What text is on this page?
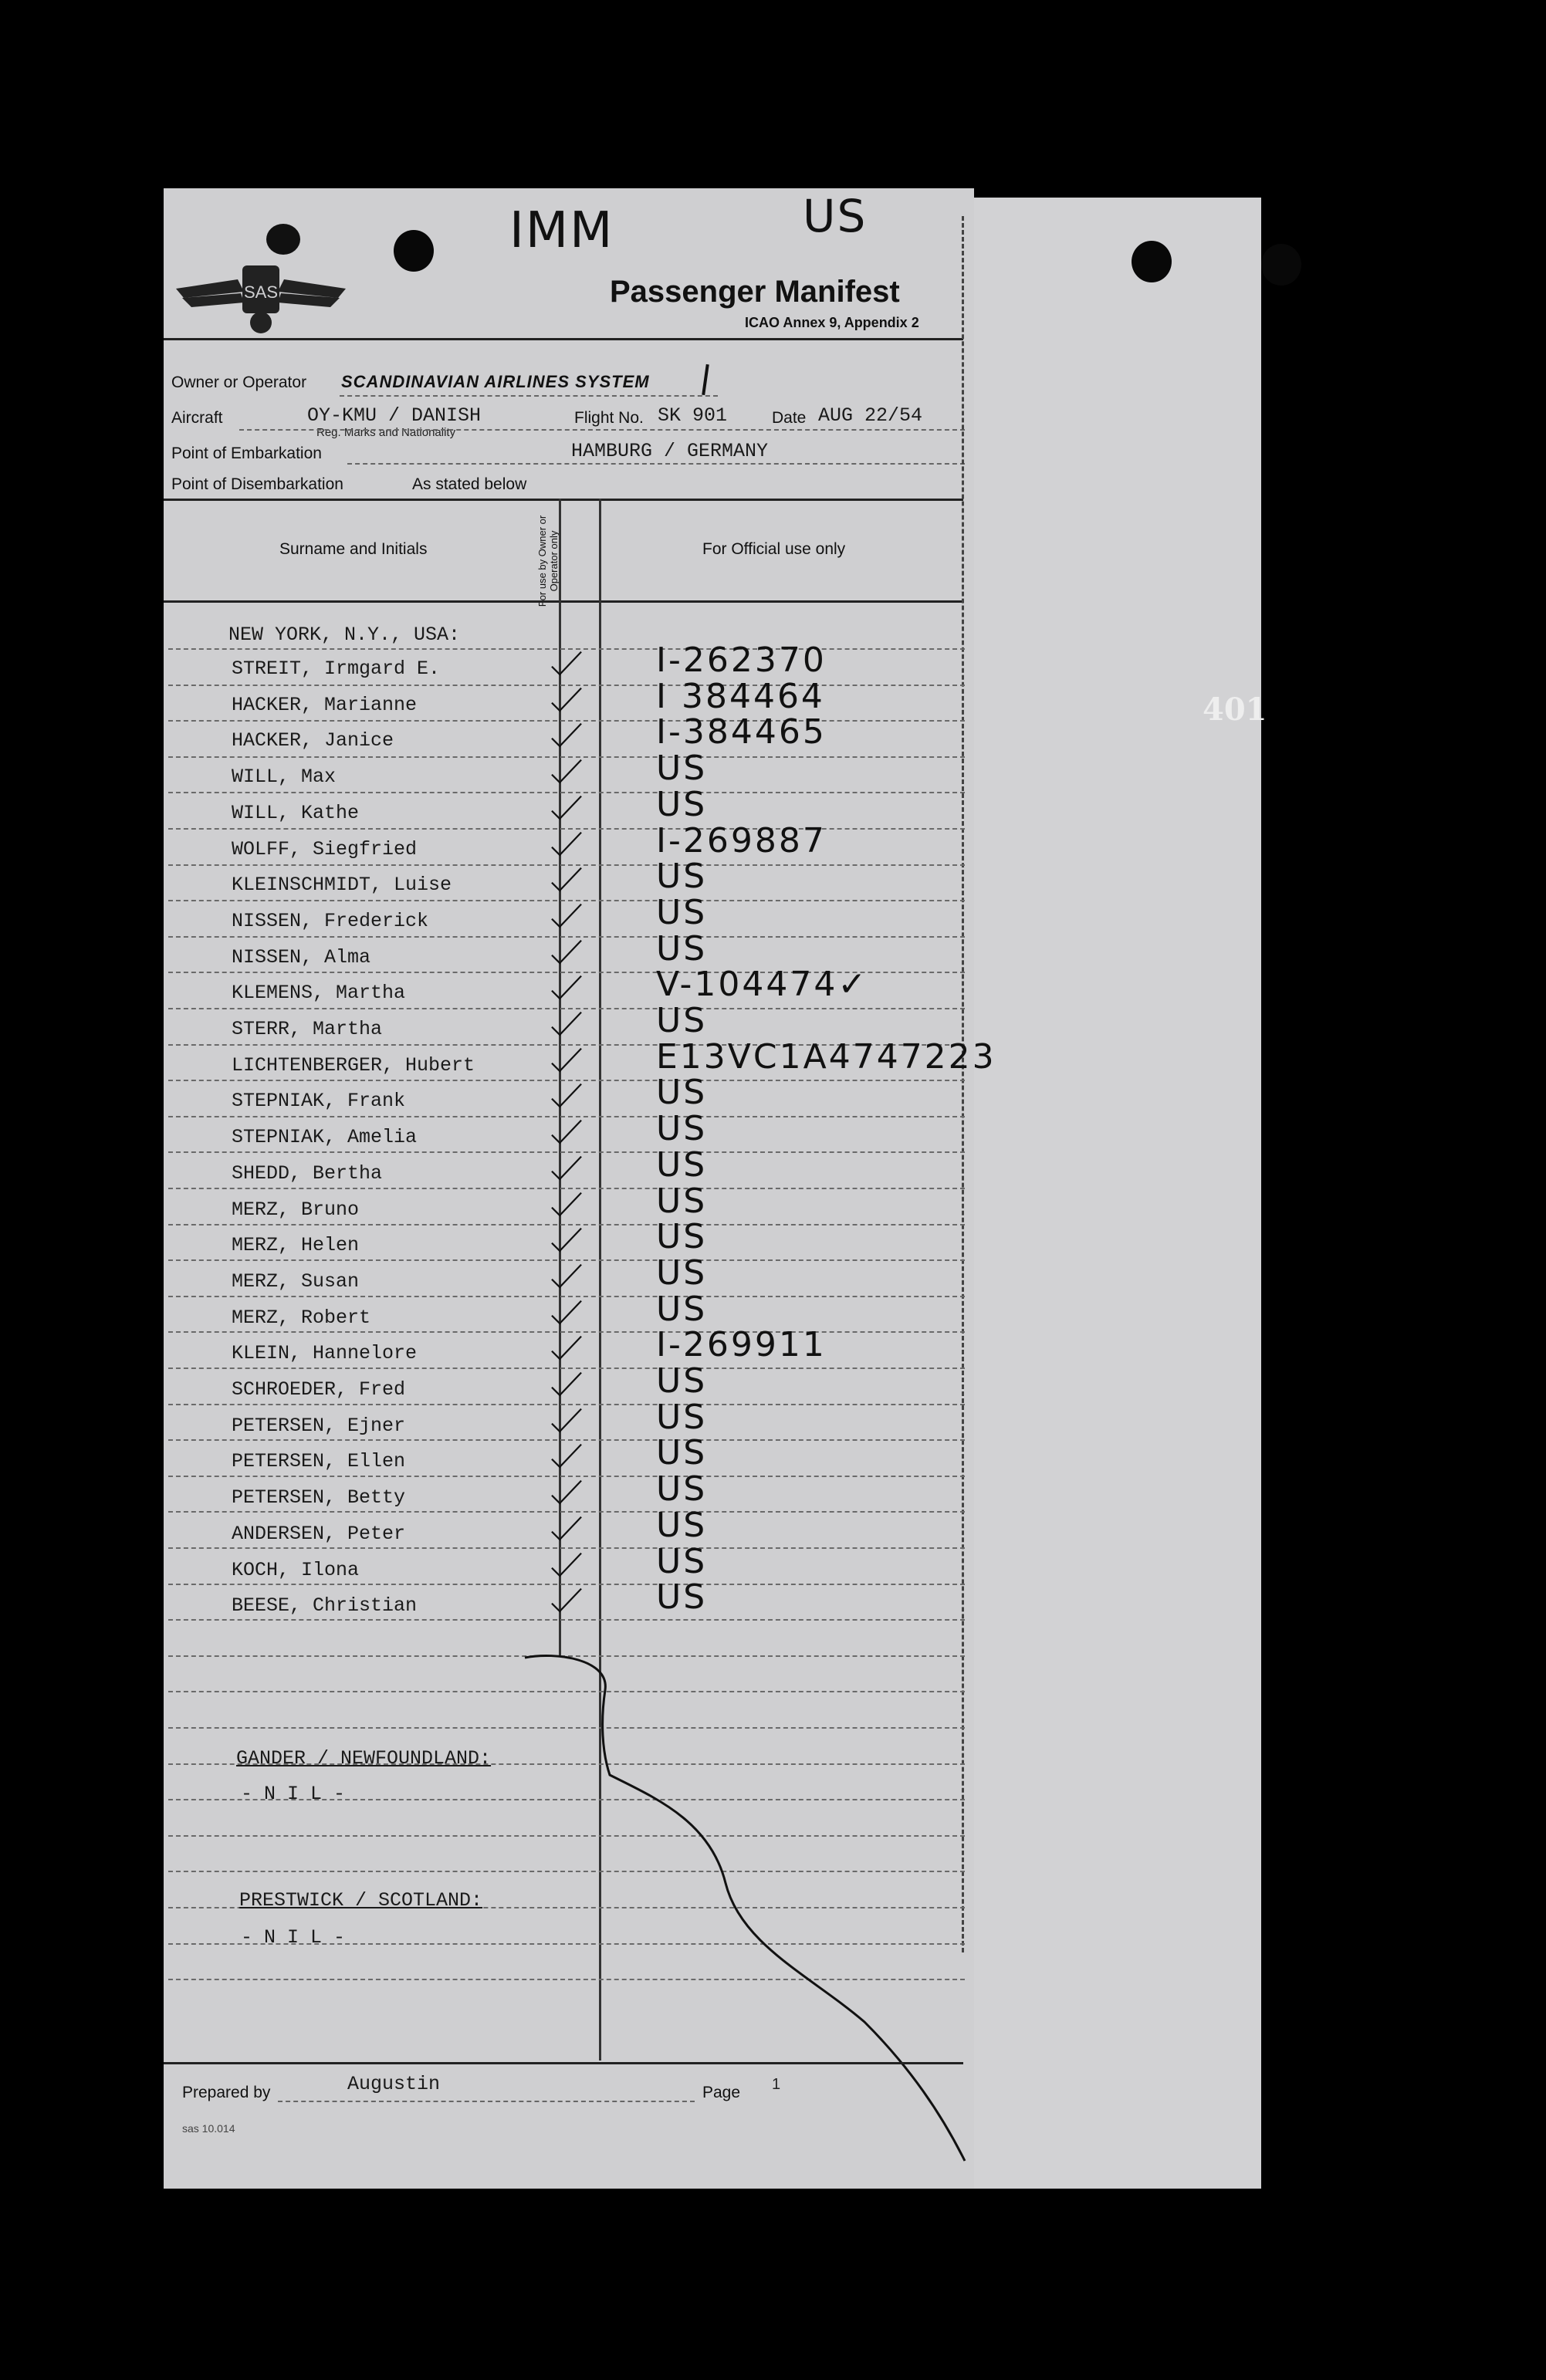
IMM	US
SAS	Passenger Manifest
ICAO Annex 9, Appendix 2
Owner or Operator SCANDINAVIAN AIRLINES SYSTEM
Aircraft	OY-KMU / DANISH
Reg. Marks and Nationality
Flight No. SK 901	Date AUG 22/54
Point of Embarkation	HAMBURG / GERMANY
Point of Disembarkation	As stated below
Surname and Initials	For use by Owner or Operator only	For Official use only
NEW YORK, N.Y., USA:
STREIT, Irmgard E.	I-262370
HACKER, Marianne	I 384464
HACKER, Janice	I-384465
WILL, Max	US
WILL, Kathe	US
WOLFF, Siegfried	I-269887
KLEINSCHMIDT, Luise	US
NISSEN, Frederick	US
NISSEN, Alma	US
KLEMENS, Martha	V-104474✓
STERR, Martha	US
LICHTENBERGER, Hubert	E13VC1A4747223
STEPNIAK, Frank	US
STEPNIAK, Amelia	US
SHEDD, Bertha	US
MERZ, Bruno	US
MERZ, Helen	US
MERZ, Susan	US
MERZ, Robert	US
KLEIN, Hannelore	I-269911
SCHROEDER, Fred	US
PETERSEN, Ejner	US
PETERSEN, Ellen	US
PETERSEN, Betty	US
ANDERSEN, Peter	US
KOCH, Ilona	US
BEESE, Christian	US
GANDER / NEWFOUNDLAND:
- N I L -
PRESTWICK / SCOTLAND:
- N I L -
Prepared by	Augustin	Page 1
sas 10.014
401
